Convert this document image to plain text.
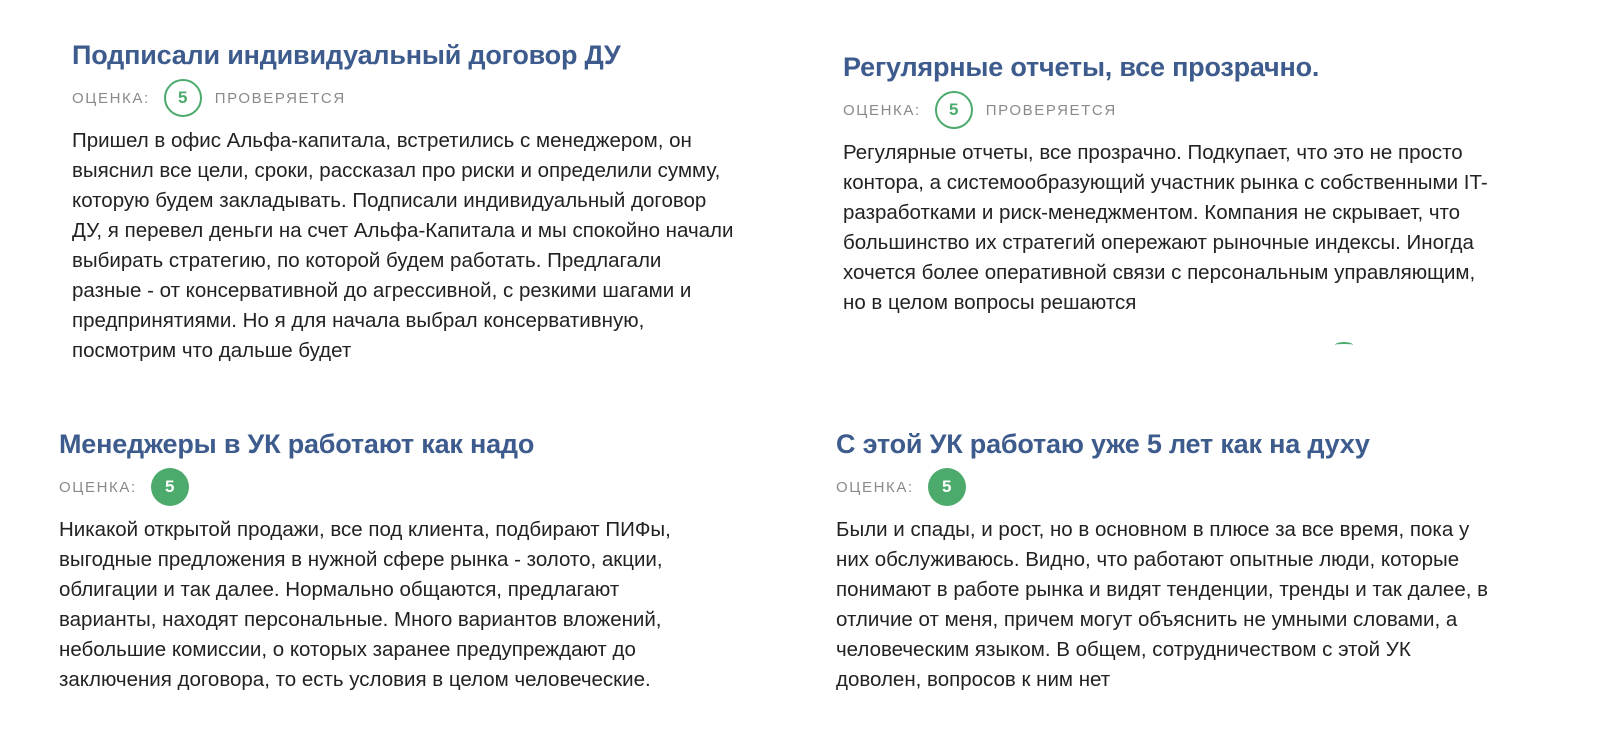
Подписали индивидуальный договор ДУ
ОЦЕНКА:	5	ПРОВЕРЯЕТСЯ
Пришел в офис Альфа-капитала, встретились с менеджером, он
выяснил все цели, сроки, рассказал про риски и определили сумму,
которую будем закладывать. Подписали индивидуальный договор
ДУ, я перевел деньги на счет Альфа-Капитала и мы спокойно начали
выбирать стратегию, по которой будем работать. Предлагали
разные - от консервативной до агрессивной, с резкими шагами и
предпринятиями. Но я для начала выбрал консервативную,
посмотрим что дальше будет
Регулярные отчеты, все прозрачно.
ОЦЕНКА:	5	ПРОВЕРЯЕТСЯ
Регулярные отчеты, все прозрачно. Подкупает, что это не просто
контора, а системообразующий участник рынка с собственными IT-
разработками и риск-менеджментом. Компания не скрывает, что
большинство их стратегий опережают рыночные индексы. Иногда
хочется более оперативной связи с персональным управляющим,
но в целом вопросы решаются
Менеджеры в УК работают как надо
ОЦЕНКА:	5
Никакой открытой продажи, все под клиента, подбирают ПИФы,
выгодные предложения в нужной сфере рынка - золото, акции,
облигации и так далее. Нормально общаются, предлагают
варианты, находят персональные. Много вариантов вложений,
небольшие комиссии, о которых заранее предупреждают до
заключения договора, то есть условия в целом человеческие.
С этой УК работаю уже 5 лет как на духу
ОЦЕНКА:	5
Были и спады, и рост, но в основном в плюсе за все время, пока у
них обслуживаюсь. Видно, что работают опытные люди, которые
понимают в работе рынка и видят тенденции, тренды и так далее, в
отличие от меня, причем могут объяснить не умными словами, а
человеческим языком. В общем, сотрудничеством с этой УК
доволен, вопросов к ним нет
